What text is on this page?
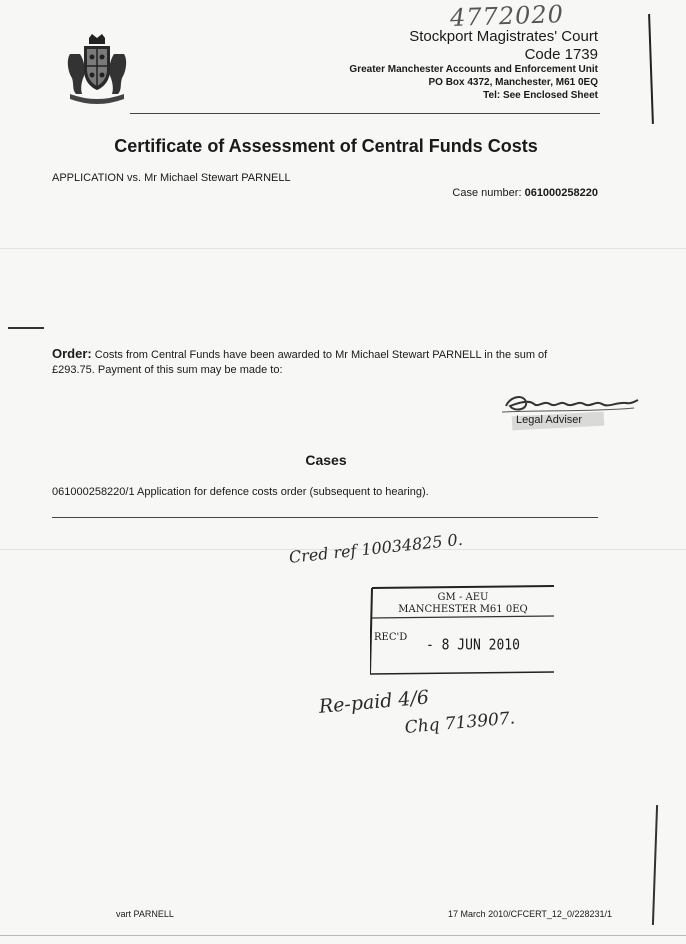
4772020
Stockport Magistrates' Court
Code 1739
Greater Manchester Accounts and Enforcement Unit
PO Box 4372, Manchester, M61 0EQ
Tel: See Enclosed Sheet
Certificate of Assessment of Central Funds Costs
APPLICATION vs. Mr Michael Stewart PARNELL
Case number: 061000258220
Order: Costs from Central Funds have been awarded to Mr Michael Stewart PARNELL in the sum of
£293.75. Payment of this sum may be made to:
Legal Adviser
Cases
061000258220/1 Application for defence costs order (subsequent to hearing).
Cred ref 10034825 0.
GM - AEU
MANCHESTER M61 0EQ
REC'D - 8 JUN 2010
Re-paid 4/6
Chq 713907.
vart PARNELL	17 March 2010/CFCERT_12_0/228231/1
